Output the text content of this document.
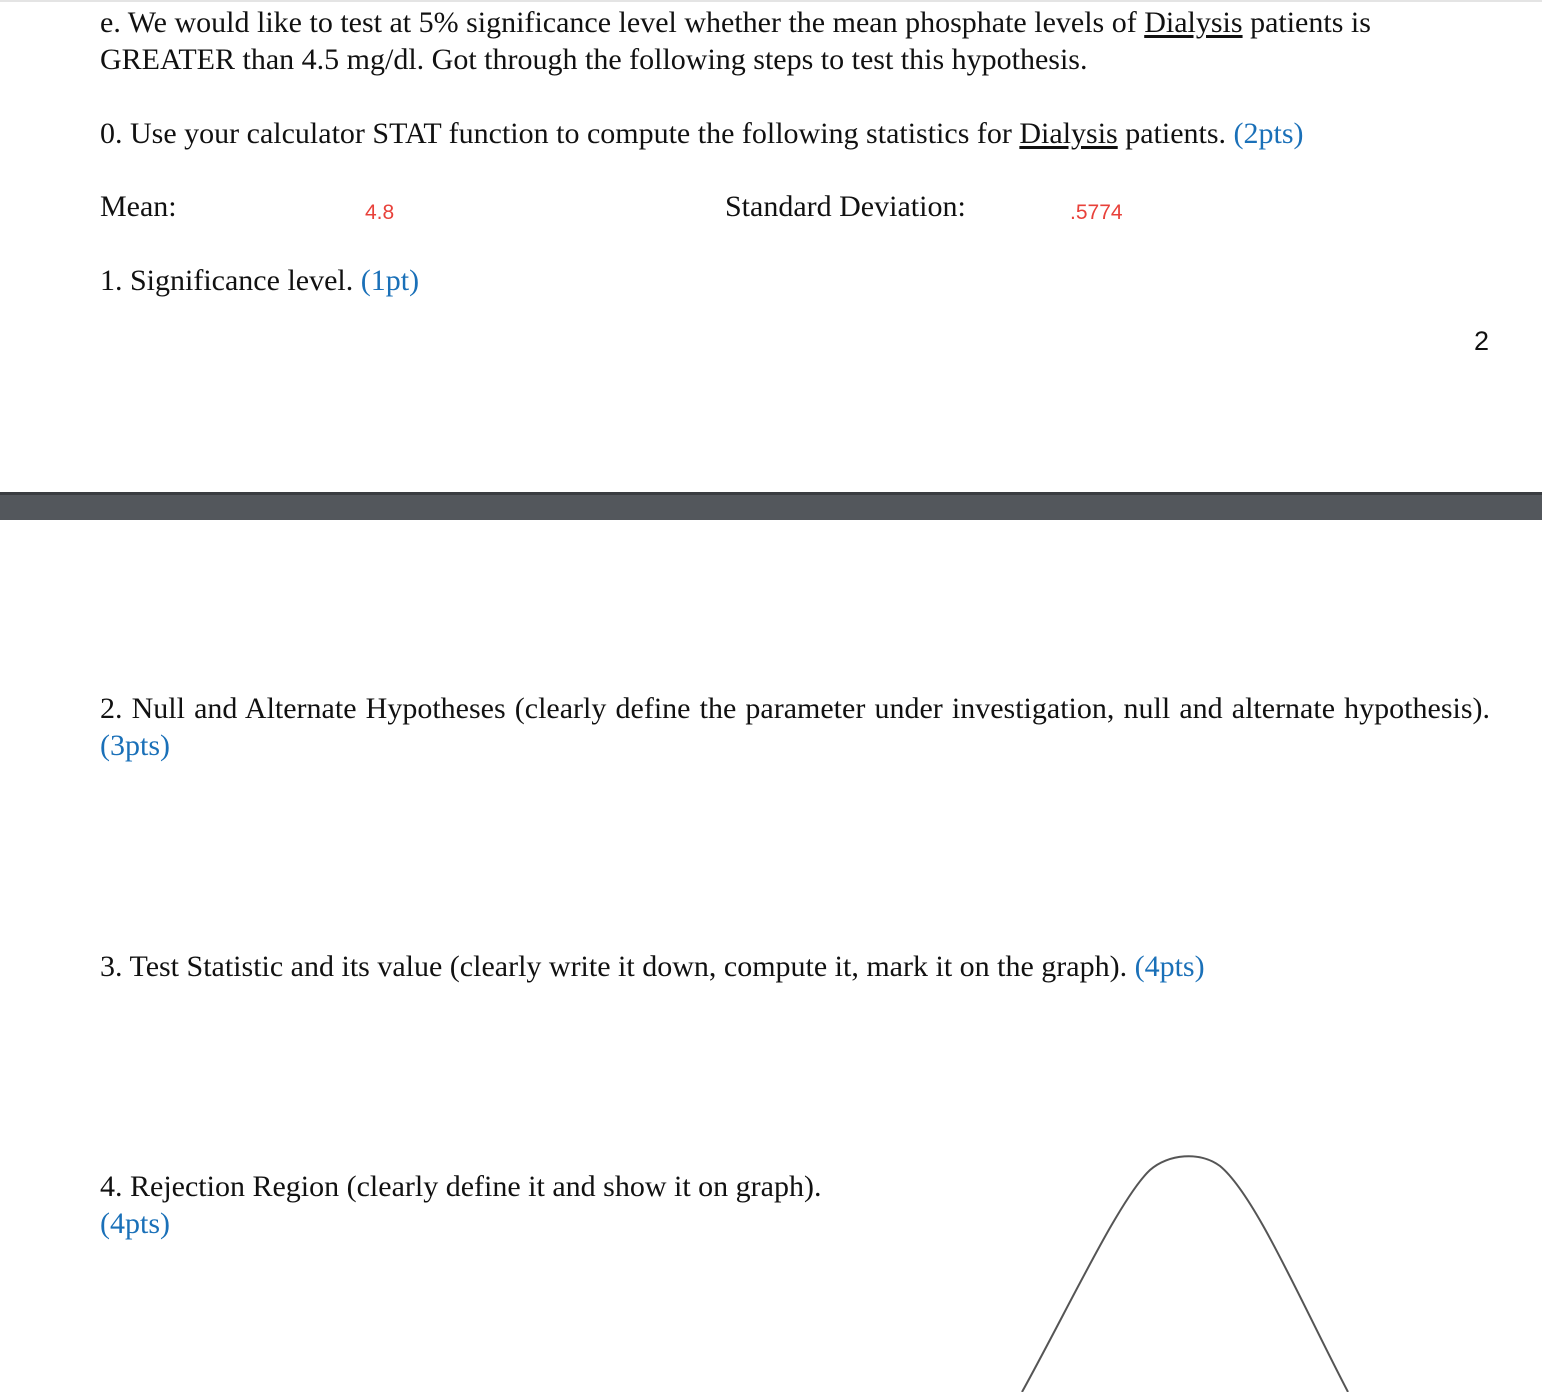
e. We would like to test at 5% significance level whether the mean phosphate levels of Dialysis patients is
GREATER than 4.5 mg/dl. Got through the following steps to test this hypothesis.

0. Use your calculator STAT function to compute the following statistics for Dialysis patients. (2pts)

Mean:	4.8	Standard Deviation:	.5774

1. Significance level. (1pt)

2

2. Null and Alternate Hypotheses (clearly define the parameter under investigation, null and alternate hypothesis). (3pts)

3. Test Statistic and its value (clearly write it down, compute it, mark it on the graph). (4pts)

4. Rejection Region (clearly define it and show it on graph).
(4pts)
